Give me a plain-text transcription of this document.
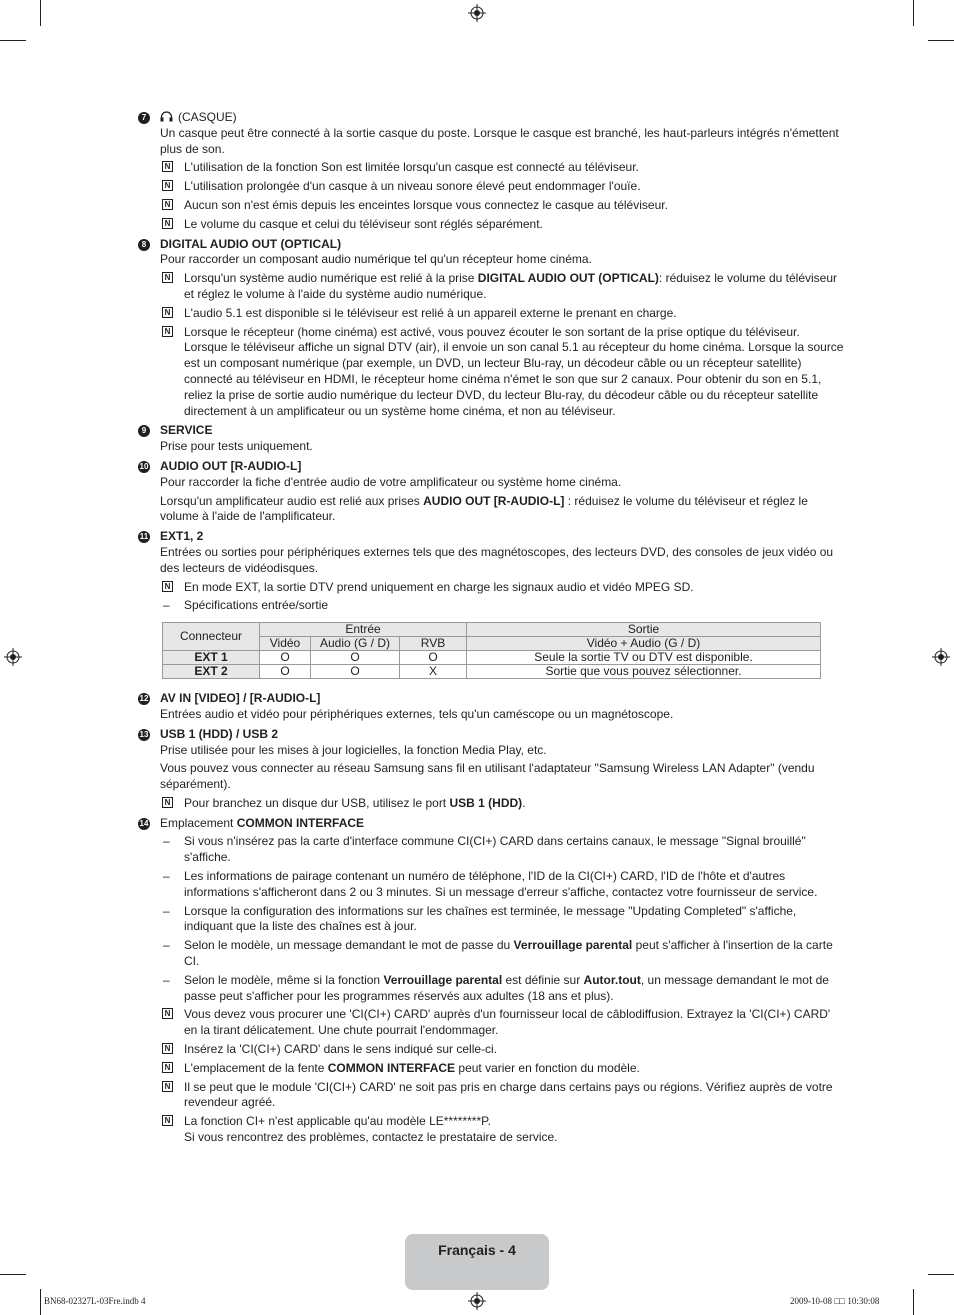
7	(CASQUE)
Un casque peut être connecté à la sortie casque du poste. Lorsque le casque est branché, les haut-parleurs intégrés n'émettent plus de son.
N L'utilisation de la fonction Son est limitée lorsqu'un casque est connecté au téléviseur.
N L'utilisation prolongée d'un casque à un niveau sonore élevé peut endommager l'ouïe.
N Aucun son n'est émis depuis les enceintes lorsque vous connectez le casque au téléviseur.
N Le volume du casque et celui du téléviseur sont réglés séparément.
8	DIGITAL AUDIO OUT (OPTICAL)
Pour raccorder un composant audio numérique tel qu'un récepteur home cinéma.
N Lorsqu'un système audio numérique est relié à la prise DIGITAL AUDIO OUT (OPTICAL): réduisez le volume du téléviseur et réglez le volume à l'aide du système audio numérique.
N L'audio 5.1 est disponible si le téléviseur est relié à un appareil externe le prenant en charge.
N Lorsque le récepteur (home cinéma) est activé, vous pouvez écouter le son sortant de la prise optique du téléviseur. Lorsque le téléviseur affiche un signal DTV (air), il envoie un son canal 5.1 au récepteur du home cinéma. Lorsque la source est un composant numérique (par exemple, un DVD, un lecteur Blu-ray, un décodeur câble ou un récepteur satellite) connecté au téléviseur en HDMI, le récepteur home cinéma n'émet le son que sur 2 canaux. Pour obtenir du son en 5.1, reliez la prise de sortie audio numérique du lecteur DVD, du lecteur Blu-ray, du décodeur câble ou du récepteur satellite directement à un amplificateur ou un système home cinéma, et non au téléviseur.
9	SERVICE
Prise pour tests uniquement.
10 AUDIO OUT [R-AUDIO-L]
Pour raccorder la fiche d'entrée audio de votre amplificateur ou système home cinéma.
Lorsqu'un amplificateur audio est relié aux prises AUDIO OUT [R-AUDIO-L] : réduisez le volume du téléviseur et réglez le volume à l'aide de l'amplificateur.
11 EXT1, 2
Entrées ou sorties pour périphériques externes tels que des magnétoscopes, des lecteurs DVD, des consoles de jeux vidéo ou des lecteurs de vidéodisques.
N En mode EXT, la sortie DTV prend uniquement en charge les signaux audio et vidéo MPEG SD.
– Spécifications entrée/sortie
Connecteur	Entrée			Sortie
	Vidéo	Audio (G / D)	RVB	Vidéo + Audio (G / D)
EXT 1	O	O	O	Seule la sortie TV ou DTV est disponible.
EXT 2	O	O	X	Sortie que vous pouvez sélectionner.
12 AV IN [VIDEO] / [R-AUDIO-L]
Entrées audio et vidéo pour périphériques externes, tels qu'un caméscope ou un magnétoscope.
13 USB 1 (HDD) / USB 2
Prise utilisée pour les mises à jour logicielles, la fonction Media Play, etc.
Vous pouvez vous connecter au réseau Samsung sans fil en utilisant l'adaptateur "Samsung Wireless LAN Adapter" (vendu séparément).
N Pour branchez un disque dur USB, utilisez le port USB 1 (HDD).
14 Emplacement COMMON INTERFACE
– Si vous n'insérez pas la carte d'interface commune CI(CI+) CARD dans certains canaux, le message "Signal brouillé" s'affiche.
– Les informations de pairage contenant un numéro de téléphone, l'ID de la CI(CI+) CARD, l'ID de l'hôte et d'autres informations s'afficheront dans 2 ou 3 minutes. Si un message d'erreur s'affiche, contactez votre fournisseur de service.
– Lorsque la configuration des informations sur les chaînes est terminée, le message "Updating Completed" s'affiche, indiquant que la liste des chaînes est à jour.
– Selon le modèle, un message demandant le mot de passe du Verrouillage parental peut s'afficher à l'insertion de la carte CI.
– Selon le modèle, même si la fonction Verrouillage parental est définie sur Autor.tout, un message demandant le mot de passe peut s'afficher pour les programmes réservés aux adultes (18 ans et plus).
N Vous devez vous procurer une 'CI(CI+) CARD' auprès d'un fournisseur local de câblodiffusion. Extrayez la 'CI(CI+) CARD' en la tirant délicatement. Une chute pourrait l'endommager.
N Insérez la 'CI(CI+) CARD' dans le sens indiqué sur celle-ci.
N L'emplacement de la fente COMMON INTERFACE peut varier en fonction du modèle.
N Il se peut que le module 'CI(CI+) CARD' ne soit pas pris en charge dans certains pays ou régions. Vérifiez auprès de votre revendeur agréé.
N La fonction CI+ n'est applicable qu'au modèle LE********P.
Si vous rencontrez des problèmes, contactez le prestataire de service.
Français - 4
BN68-02327L-03Fre.indb 4	2009-10-08 □□ 10:30:08
